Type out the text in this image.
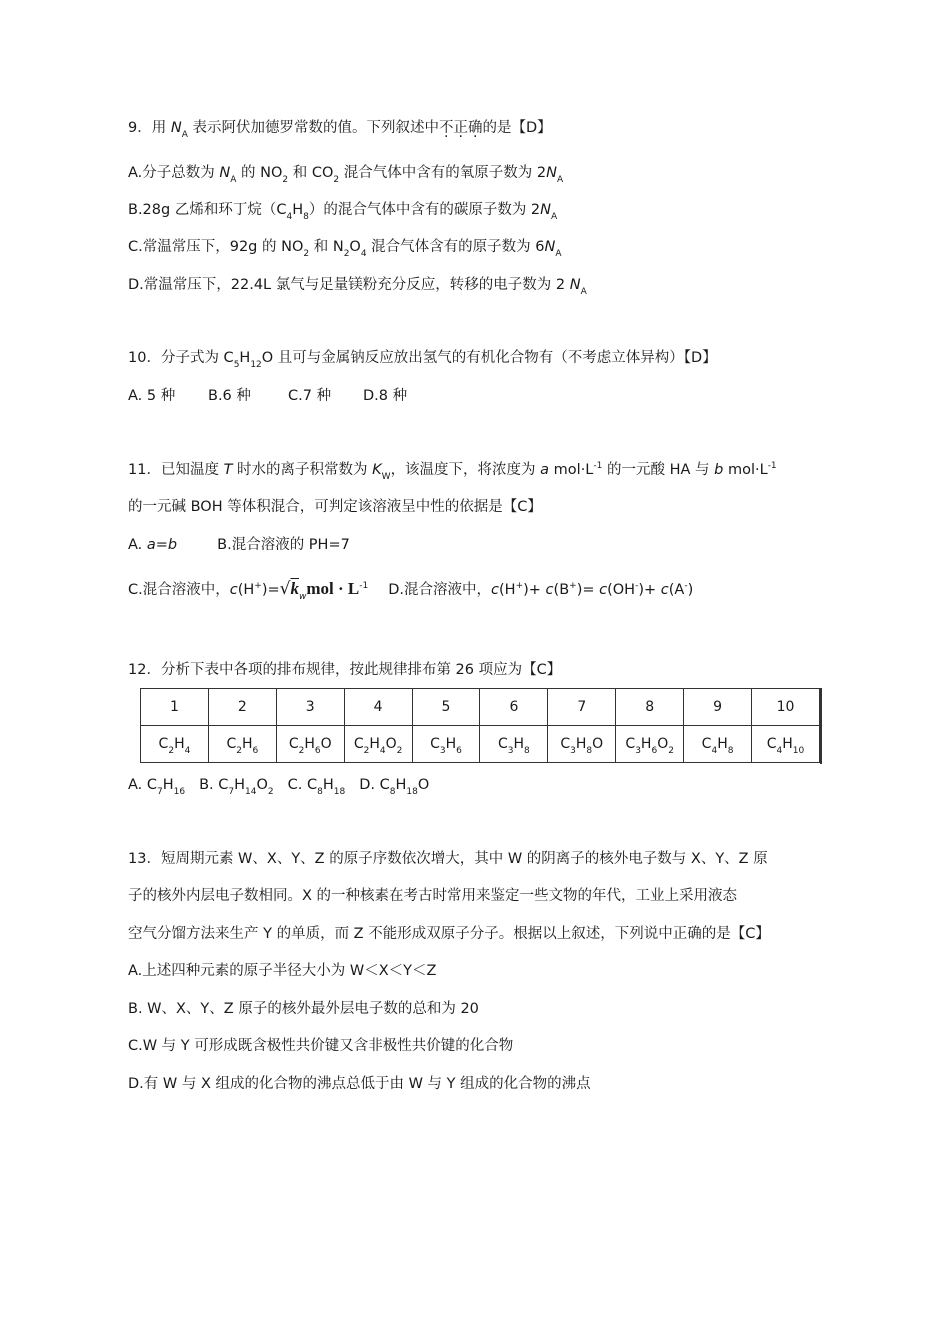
9．用 $N_A$ 表示阿伏加德罗常数的值。下列叙述中不正确的是【D】
A.分子总数为 $N_A$ 的 $NO_2$ 和 $CO_2$ 混合气体中含有的氧原子数为 $2N_A$
B.28g 乙烯和环丁烷$(C_4H_8)$的混合气体中含有的碳原子数为 $2N_A$
C.常温常压下，92g 的 $NO_2$ 和 $N_2O_4$ 混合气体含有的原子数为 $6N_A$
D.常温常压下，22.4L 氯气与足量镁粉充分反应，转移的电子数为 2 $N_A$
10．分子式为 $C_5H_{12}O$ 且可与金属钠反应放出氢气的有机化合物有（不考虑立体异构）【D】
A. 5 种 B.6 种	C.7 种 D.8 种
11．已知温度 T 时水的离子积常数为 $K_W$，该温度下，将浓度为 a $mol\cdot L^{-1}$ 的一元酸 HA 与 b $mol\cdot L^{-1}$
的一元碱 BOH 等体积混合，可判定该溶液呈中性的依据是【C】
A. a=b	B.混合溶液的 PH=7
C.混合溶液中，$c(H^+)=√k_wmol \cdot L^{-1}$ D.混合溶液中，c(H+)+ c(B+)= c(OH-)+ c(A-)
12．分析下表中各项的排布规律，按此规律排布第 26 项应为【C】
1	2	3	4	5	6	7	8	9	10
$C_2H_4$	$C_2H_6$	$C_2H_6O$	$C_2H_4O_2$	$C_3H_6$	$C_3H_8$	$C_3H_8O$	$C_3H_6O_2$	$C_4H_8$	$C_4H_{10}$
A. $C_7H_{16}$ B. $C_7H_{14}O_2$ C. $C_8H_{18}$ D. $C_8H_{18}O$
13．短周期元素 W、X、Y、Z 的原子序数依次增大，其中 W 的阴离子的核外电子数与 X、Y、Z 原
子的核外内层电子数相同。X 的一种核素在考古时常用来鉴定一些文物的年代，工业上采用液态
空气分馏方法来生产 Y 的单质，而 Z 不能形成双原子分子。根据以上叙述，下列说中正确的是【C】
A.上述四种元素的原子半径大小为 W＜X＜Y＜Z
B. W、X、Y、Z 原子的核外最外层电子数的总和为 20
C.W 与 Y 可形成既含极性共价键又含非极性共价键的化合物
D.有 W 与 X 组成的化合物的沸点总低于由 W 与 Y 组成的化合物的沸点
